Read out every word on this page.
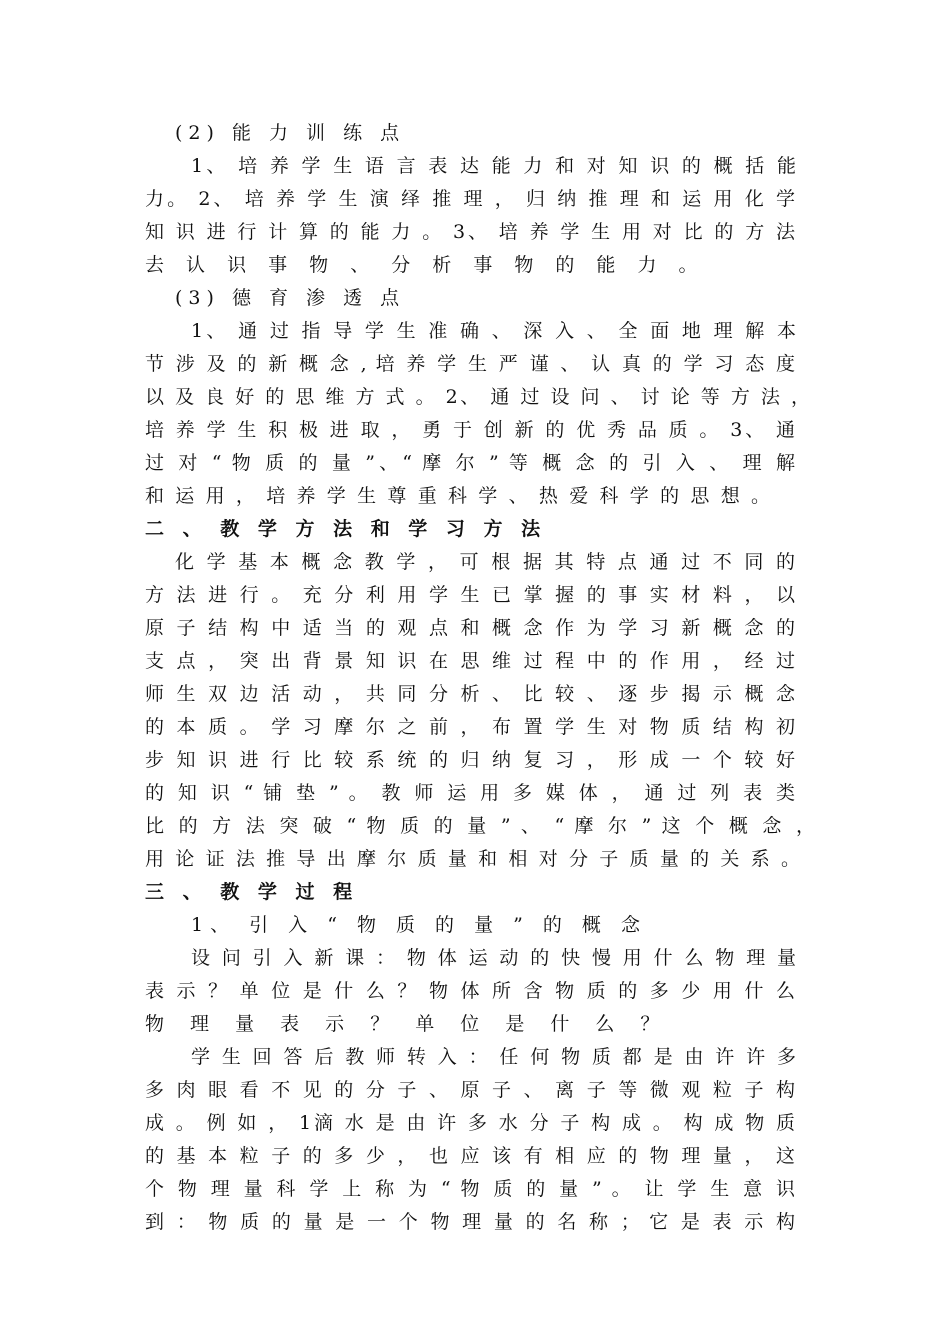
(2) 能 力 训 练 点
1、 培 养 学 生 语 言 表 达 能 力 和 对 知 识 的 概 括 能
力。 2、 培 养 学 生 演 绎 推 理 ， 归 纳 推 理 和 运 用 化 学
知 识 进 行 计 算 的 能 力 。 3、 培 养 学 生 用 对 比 的 方 法
去 认 识 事 物 、 分 析 事 物 的 能 力 。
(3) 德 育 渗 透 点
1、 通 过 指 导 学 生 准 确 、 深 入 、 全 面 地 理 解 本
节 涉 及 的 新 概 念 , 培 养 学 生 严 谨 、 认 真 的 学 习 态 度
以 及 良 好 的 思 维 方 式 。 2、 通 过 设 问 、 讨 论 等 方 法 ，
培 养 学 生 积 极 进 取 ， 勇 于 创 新 的 优 秀 品 质 。 3、 通
过 对 “ 物 质 的 量 ”、“ 摩 尔 ” 等 概 念 的 引 入 、 理 解
和 运 用 ， 培 养 学 生 尊 重 科 学 、 热 爱 科 学 的 思 想 。
二 、 教 学 方 法 和 学 习 方 法
化 学 基 本 概 念 教 学 ， 可 根 据 其 特 点 通 过 不 同 的
方 法 进 行 。 充 分 利 用 学 生 已 掌 握 的 事 实 材 料 ， 以
原 子 结 构 中 适 当 的 观 点 和 概 念 作 为 学 习 新 概 念 的
支 点 ， 突 出 背 景 知 识 在 思 维 过 程 中 的 作 用 ， 经 过
师 生 双 边 活 动 ， 共 同 分 析 、 比 较 、 逐 步 揭 示 概 念
的 本 质 。 学 习 摩 尔 之 前 ， 布 置 学 生 对 物 质 结 构 初
步 知 识 进 行 比 较 系 统 的 归 纳 复 习 ， 形 成 一 个 较 好
的 知 识 “ 铺 垫 ” 。 教 师 运 用 多 媒 体 ， 通 过 列 表 类
比 的 方 法 突 破 “ 物 质 的 量 ” 、 “ 摩 尔 ” 这 个 概 念 ，
用 论 证 法 推 导 出 摩 尔 质 量 和 相 对 分 子 质 量 的 关 系 。
三 、 教 学 过 程
1、 引 入 “ 物 质 的 量 ” 的 概 念
设 问 引 入 新 课 ： 物 体 运 动 的 快 慢 用 什 么 物 理 量
表 示 ？ 单 位 是 什 么 ？ 物 体 所 含 物 质 的 多 少 用 什 么
物 理 量 表 示 ？ 单 位 是 什 么 ？
学 生 回 答 后 教 师 转 入 ： 任 何 物 质 都 是 由 许 许 多
多 肉 眼 看 不 见 的 分 子 、 原 子 、 离 子 等 微 观 粒 子 构
成 。 例 如 ， 1滴 水 是 由 许 多 水 分 子 构 成 。 构 成 物 质
的 基 本 粒 子 的 多 少 ， 也 应 该 有 相 应 的 物 理 量 ， 这
个 物 理 量 科 学 上 称 为 “ 物 质 的 量 ” 。 让 学 生 意 识
到 ： 物 质 的 量 是 一 个 物 理 量 的 名 称 ； 它 是 表 示 构
